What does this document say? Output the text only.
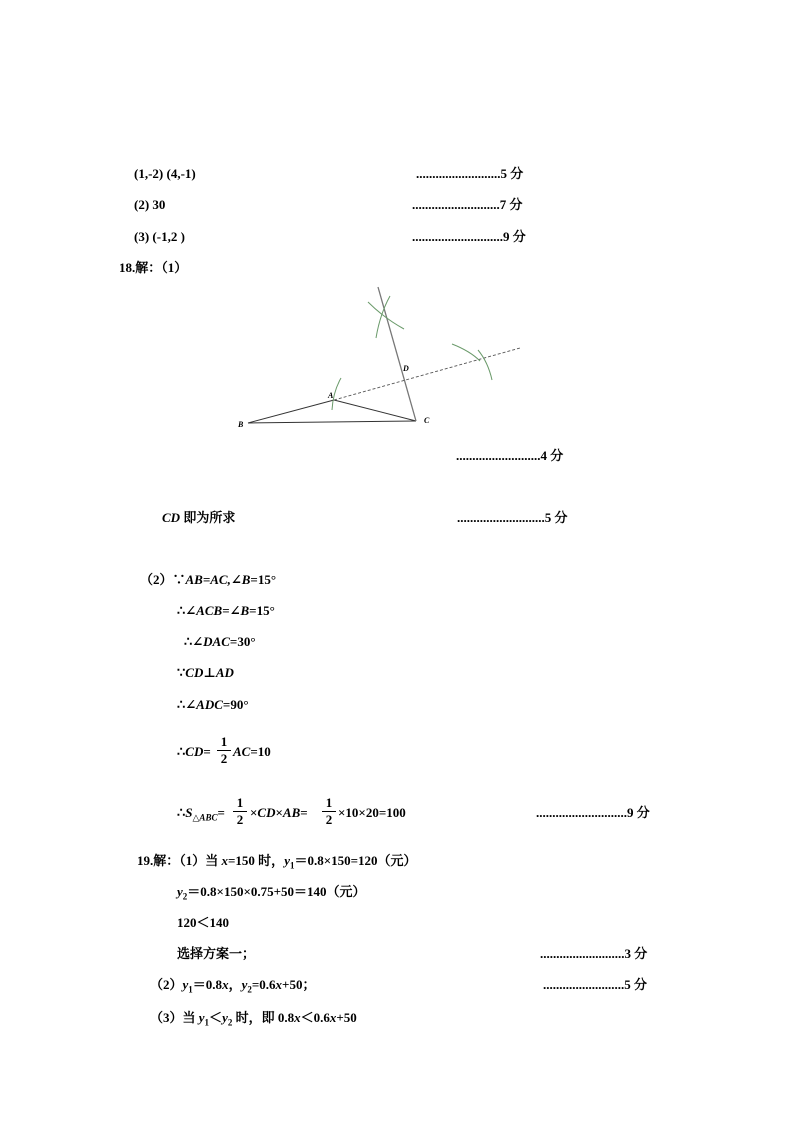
(1,-2) (4,-1)	..........................5 分
(2) 30	...........................7 分
(3) (-1,2 )	............................9 分
18.解：（1）
A
B	C
D
..........................4 分
CD 即为所求	...........................5 分
（2）∵AB=AC,∠B=15°
∴∠ACB=∠B=15°
∴∠DAC=30°
∵CD⊥AD
∴∠ADC=90°
∴CD=
1
2 AC=10
$\therefore S_{\triangle ABC}=$
1
2 ×CD×AB=
1
2 ×10×20=100	............................9 分
19.解：（1）当 x=150 时，$y_1=0.8\times 150=120$（元）
$y_2=0.8\times 150\times 0.75+50=140$（元）
120＜140
选择方案一；	..........................3 分
$(2)y_1=0.8x$，$y_2=0.6x+50$；	.........................5 分
（3）当 $y_1<y_2$ 时，即 0.8x＜0.6x+50
